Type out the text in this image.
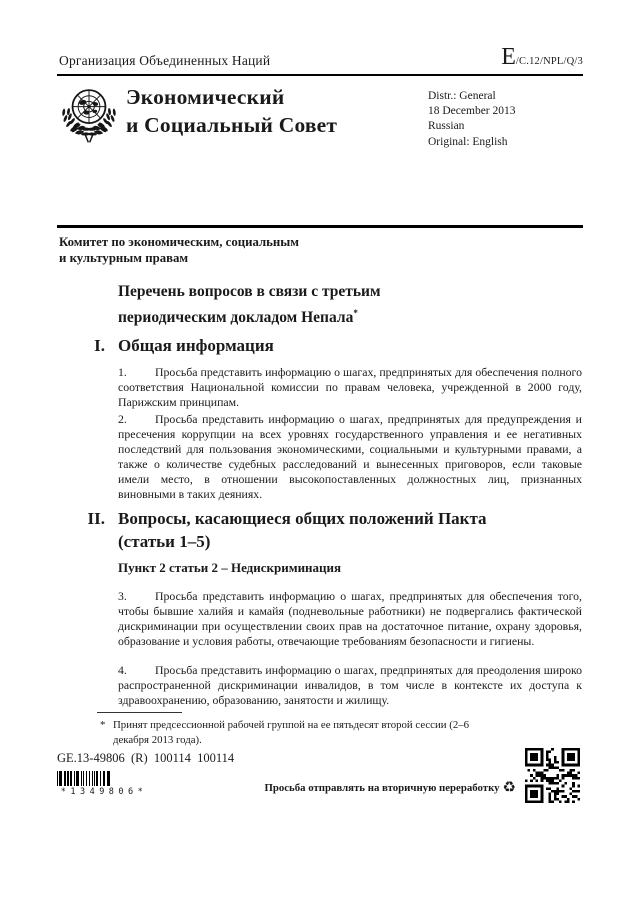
Организация Объединенных Наций	E /C.12/NPL/Q/3
Экономический
и Социальный Совет
Distr.: General
18 December 2013
Russian
Original: English
Комитет по экономическим, социальным
и культурным правам
Перечень вопросов в связи с третьим
периодическим докладом Непала*
I. Общая информация
1. Просьба представить информацию о шагах, предпринятых для обеспечения полного соответствия Национальной комиссии по правам человека, учрежденной в 2000 году, Парижским принципам.
2. Просьба представить информацию о шагах, предпринятых для предупреждения и пресечения коррупции на всех уровнях государственного управления и ее негативных последствий для пользования экономическими, социальными и культурными правами, а также о количестве судебных расследований и вынесенных приговоров, если таковые имели место, в отношении высокопоставленных должностных лиц, признанных виновными в таких деяниях.
II. Вопросы, касающиеся общих положений Пакта
(статьи 1–5)
Пункт 2 статьи 2 – Недискриминация
3. Просьба представить информацию о шагах, предпринятых для обеспечения того, чтобы бывшие халийя и камайя (подневольные работники) не подвергались фактической дискриминации при осуществлении своих прав на достаточное питание, охрану здоровья, образование и условия работы, отвечающие требованиям безопасности и гигиены.
4. Просьба представить информацию о шагах, предпринятых для преодоления широко распространенной дискриминации инвалидов, в том числе в контексте их доступа к здравоохранению, образованию, занятости и жилищу.
* Принят предсессионной рабочей группой на ее пятьдесят второй сессии (2–6 декабря 2013 года).
GE.13-49806  (R)  100114  100114
*1349806*	Просьба отправлять на вторичную переработку ♻
